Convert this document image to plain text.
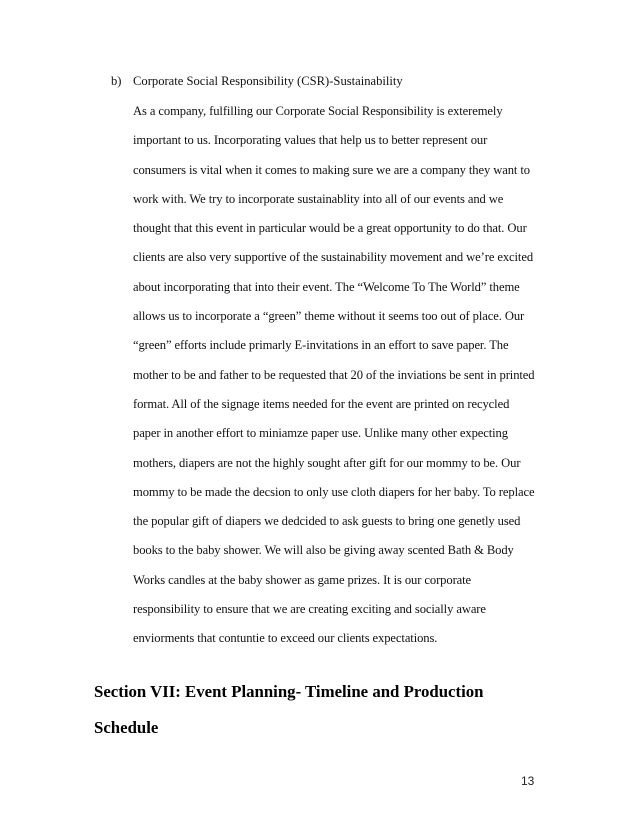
b) Corporate Social Responsibility (CSR)-Sustainability
As a company, fulfilling our Corporate Social Responsibility is exteremely
important to us. Incorporating values that help us to better represent our
consumers is vital when it comes to making sure we are a company they want to
work with. We try to incorporate sustainablity into all of our events and we
thought that this event in particular would be a great opportunity to do that. Our
clients are also very supportive of the sustainability movement and we’re excited
about incorporating that into their event. The “Welcome To The World” theme
allows us to incorporate a “green” theme without it seems too out of place. Our
“green” efforts include primarly E-invitations in an effort to save paper. The
mother to be and father to be requested that 20 of the inviations be sent in printed
format. All of the signage items needed for the event are printed on recycled
paper in another effort to miniamze paper use. Unlike many other expecting
mothers, diapers are not the highly sought after gift for our mommy to be. Our
mommy to be made the decsion to only use cloth diapers for her baby. To replace
the popular gift of diapers we dedcided to ask guests to bring one genetly used
books to the baby shower. We will also be giving away scented Bath & Body
Works candles at the baby shower as game prizes. It is our corporate
responsibility to ensure that we are creating exciting and socially aware
enviorments that contuntie to exceed our clients expectations.
Section VII: Event Planning- Timeline and Production
Schedule
13
